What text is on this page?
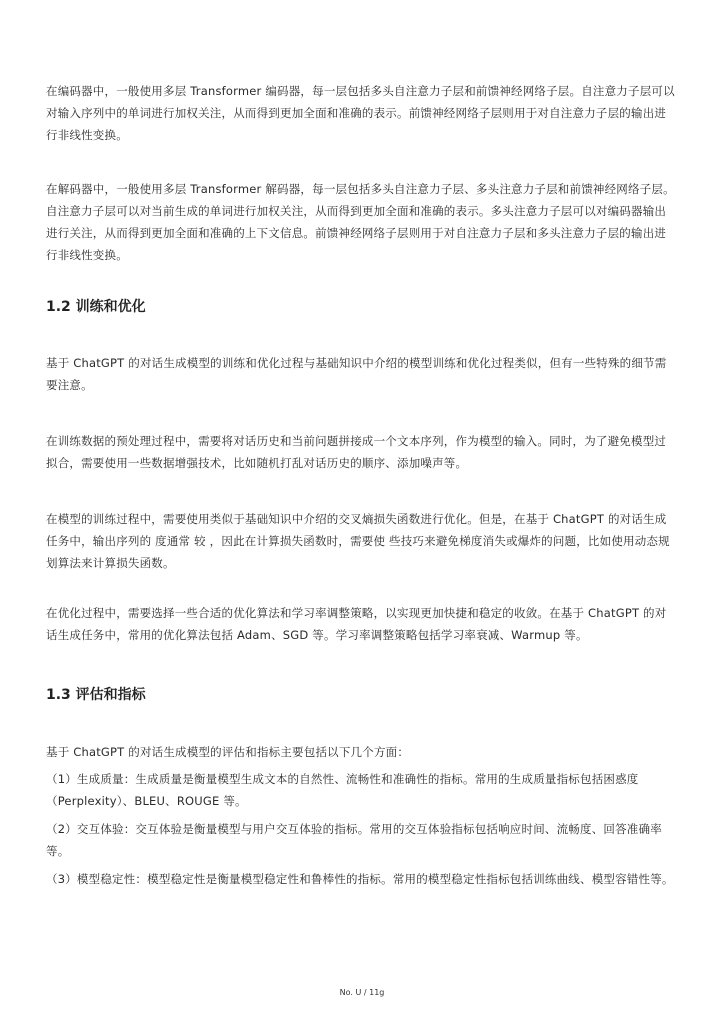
在编码器中，一般使用多层 Transformer 编码器，每一层包括多头自注意力子层和前馈神经网络子层。自注意力子层可以对输入序列中的单词进行加权关注，从而得到更加全面和准确的表示。前馈神经网络子层则用于对自注意力子层的输出进行非线性变换。

在解码器中，一般使用多层 Transformer 解码器，每一层包括多头自注意力子层、多头注意力子层和前馈神经网络子层。自注意力子层可以对当前生成的单词进行加权关注，从而得到更加全面和准确的表示。多头注意力子层可以对编码器输出进行关注，从而得到更加全面和准确的上下文信息。前馈神经网络子层则用于对自注意力子层和多头注意力子层的输出进行非线性变换。

1.2 训练和优化

基于 ChatGPT 的对话生成模型的训练和优化过程与基础知识中介绍的模型训练和优化过程类似，但有一些特殊的细节需要注意。

在训练数据的预处理过程中，需要将对话历史和当前问题拼接成一个文本序列，作为模型的输入。同时，为了避免模型过拟合，需要使用一些数据增强技术，比如随机打乱对话历史的顺序、添加噪声等。

在模型的训练过程中，需要使用类似于基础知识中介绍的交叉熵损失函数进行优化。但是，在基于 ChatGPT 的对话生成任务中，输出序列的 度通常 较 ，因此在计算损失函数时，需要使 些技巧来避免梯度消失或爆炸的问题，比如使用动态规划算法来计算损失函数。

在优化过程中，需要选择一些合适的优化算法和学习率调整策略，以实现更加快捷和稳定的收敛。在基于 ChatGPT 的对话生成任务中，常用的优化算法包括 Adam、SGD 等。学习率调整策略包括学习率衰减、Warmup 等。

1.3 评估和指标

基于 ChatGPT 的对话生成模型的评估和指标主要包括以下几个方面：

（1）生成质量：生成质量是衡量模型生成文本的自然性、流畅性和准确性的指标。常用的生成质量指标包括困惑度（Perplexity）、BLEU、ROUGE 等。

（2）交互体验：交互体验是衡量模型与用户交互体验的指标。常用的交互体验指标包括响应时间、流畅度、回答准确率等。

（3）模型稳定性：模型稳定性是衡量模型稳定性和鲁棒性的指标。常用的模型稳定性指标包括训练曲线、模型容错性等。

No. U / 11g
